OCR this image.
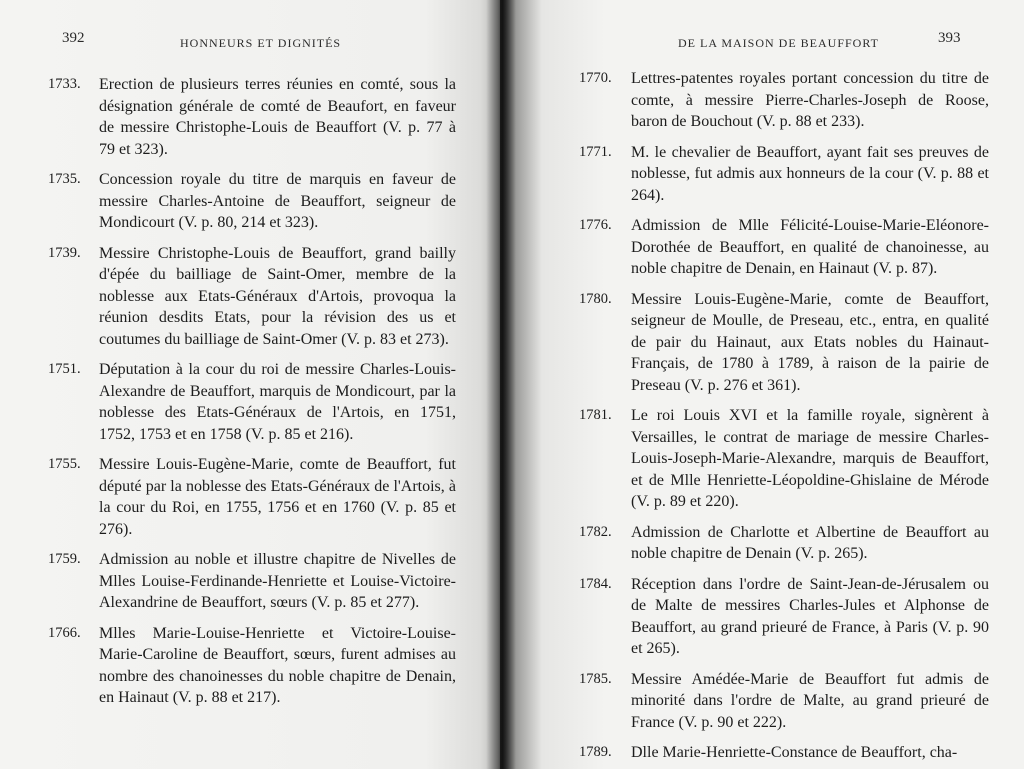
392	HONNEURS ET DIGNITÉS
1733. Erection de plusieurs terres réunies en comté, sous la désignation générale de comté de Beaufort, en faveur de messire Christophe-Louis de Beauffort (V. p. 77 à 79 et 323).
1735. Concession royale du titre de marquis en faveur de messire Charles-Antoine de Beauffort, seigneur de Mondicourt (V. p. 80, 214 et 323).
1739. Messire Christophe-Louis de Beauffort, grand bailly d'épée du bailliage de Saint-Omer, membre de la noblesse aux Etats-Généraux d'Artois, provoqua la réunion desdits Etats, pour la révision des us et coutumes du bailliage de Saint-Omer (V. p. 83 et 273).
1751. Députation à la cour du roi de messire Charles-Louis-Alexandre de Beauffort, marquis de Mondicourt, par la noblesse des Etats-Généraux de l'Artois, en 1751, 1752, 1753 et en 1758 (V. p. 85 et 216).
1755. Messire Louis-Eugène-Marie, comte de Beauffort, fut député par la noblesse des Etats-Généraux de l'Artois, à la cour du Roi, en 1755, 1756 et en 1760 (V. p. 85 et 276).
1759. Admission au noble et illustre chapitre de Nivelles de Mlles Louise-Ferdinande-Henriette et Louise-Victoire-Alexandrine de Beauffort, sœurs (V. p. 85 et 277).
1766. Mlles Marie-Louise-Henriette et Victoire-Louise-Marie-Caroline de Beauffort, sœurs, furent admises au nombre des chanoinesses du noble chapitre de Denain, en Hainaut (V. p. 88 et 217).
DE LA MAISON DE BEAUFFORT	393
1770. Lettres-patentes royales portant concession du titre de comte, à messire Pierre-Charles-Joseph de Roose, baron de Bouchout (V. p. 88 et 233).
1771. M. le chevalier de Beauffort, ayant fait ses preuves de noblesse, fut admis aux honneurs de la cour (V. p. 88 et 264).
1776. Admission de Mlle Félicité-Louise-Marie-Eléonore-Dorothée de Beauffort, en qualité de chanoinesse, au noble chapitre de Denain, en Hainaut (V. p. 87).
1780. Messire Louis-Eugène-Marie, comte de Beauffort, seigneur de Moulle, de Preseau, etc., entra, en qualité de pair du Hainaut, aux Etats nobles du Hainaut-Français, de 1780 à 1789, à raison de la pairie de Preseau (V. p. 276 et 361).
1781. Le roi Louis XVI et la famille royale, signèrent à Versailles, le contrat de mariage de messire Charles-Louis-Joseph-Marie-Alexandre, marquis de Beauffort, et de Mlle Henriette-Léopoldine-Ghislaine de Mérode (V. p. 89 et 220).
1782. Admission de Charlotte et Albertine de Beauffort au noble chapitre de Denain (V. p. 265).
1784. Réception dans l'ordre de Saint-Jean-de-Jérusalem ou de Malte de messires Charles-Jules et Alphonse de Beauffort, au grand prieuré de France, à Paris (V. p. 90 et 265).
1785. Messire Amédée-Marie de Beauffort fut admis de minorité dans l'ordre de Malte, au grand prieuré de France (V. p. 90 et 222).
1789. Dlle Marie-Henriette-Constance de Beauffort, cha-
